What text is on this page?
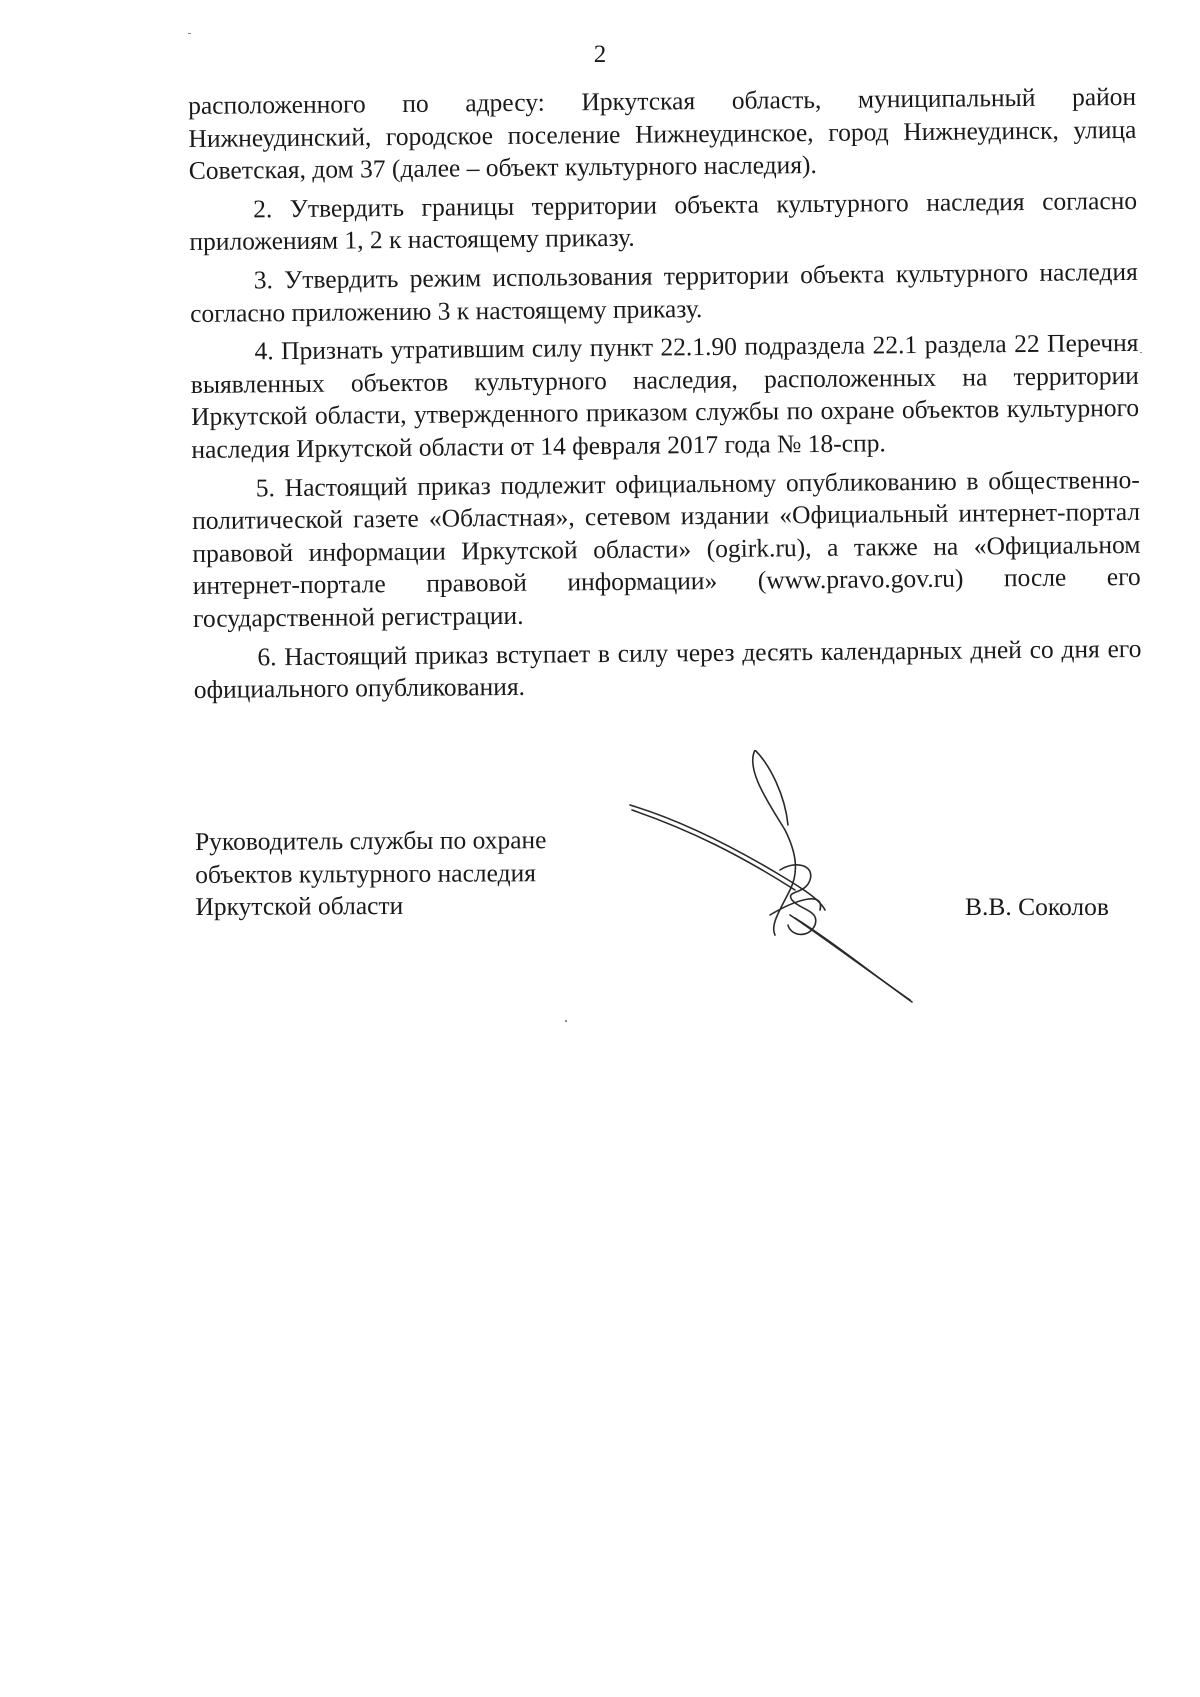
2

расположенного по адресу: Иркутская область, муниципальный район Нижнеудинский, городское поселение Нижнеудинское, город Нижнеудинск, улица Советская, дом 37 (далее – объект культурного наследия).

2. Утвердить границы территории объекта культурного наследия согласно приложениям 1, 2 к настоящему приказу.

3. Утвердить режим использования территории объекта культурного наследия согласно приложению 3 к настоящему приказу.

4. Признать утратившим силу пункт 22.1.90 подраздела 22.1 раздела 22 Перечня выявленных объектов культурного наследия, расположенных на территории Иркутской области, утвержденного приказом службы по охране объектов культурного наследия Иркутской области от 14 февраля 2017 года № 18-спр.

5. Настоящий приказ подлежит официальному опубликованию в общественно-политической газете «Областная», сетевом издании «Официальный интернет-портал правовой информации Иркутской области» (ogirk.ru), а также на «Официальном интернет-портале правовой информации» (www.pravo.gov.ru) после его государственной регистрации.

6. Настоящий приказ вступает в силу через десять календарных дней со дня его официального опубликования.

Руководитель службы по охране
объектов культурного наследия
Иркутской области	В.В. Соколов
